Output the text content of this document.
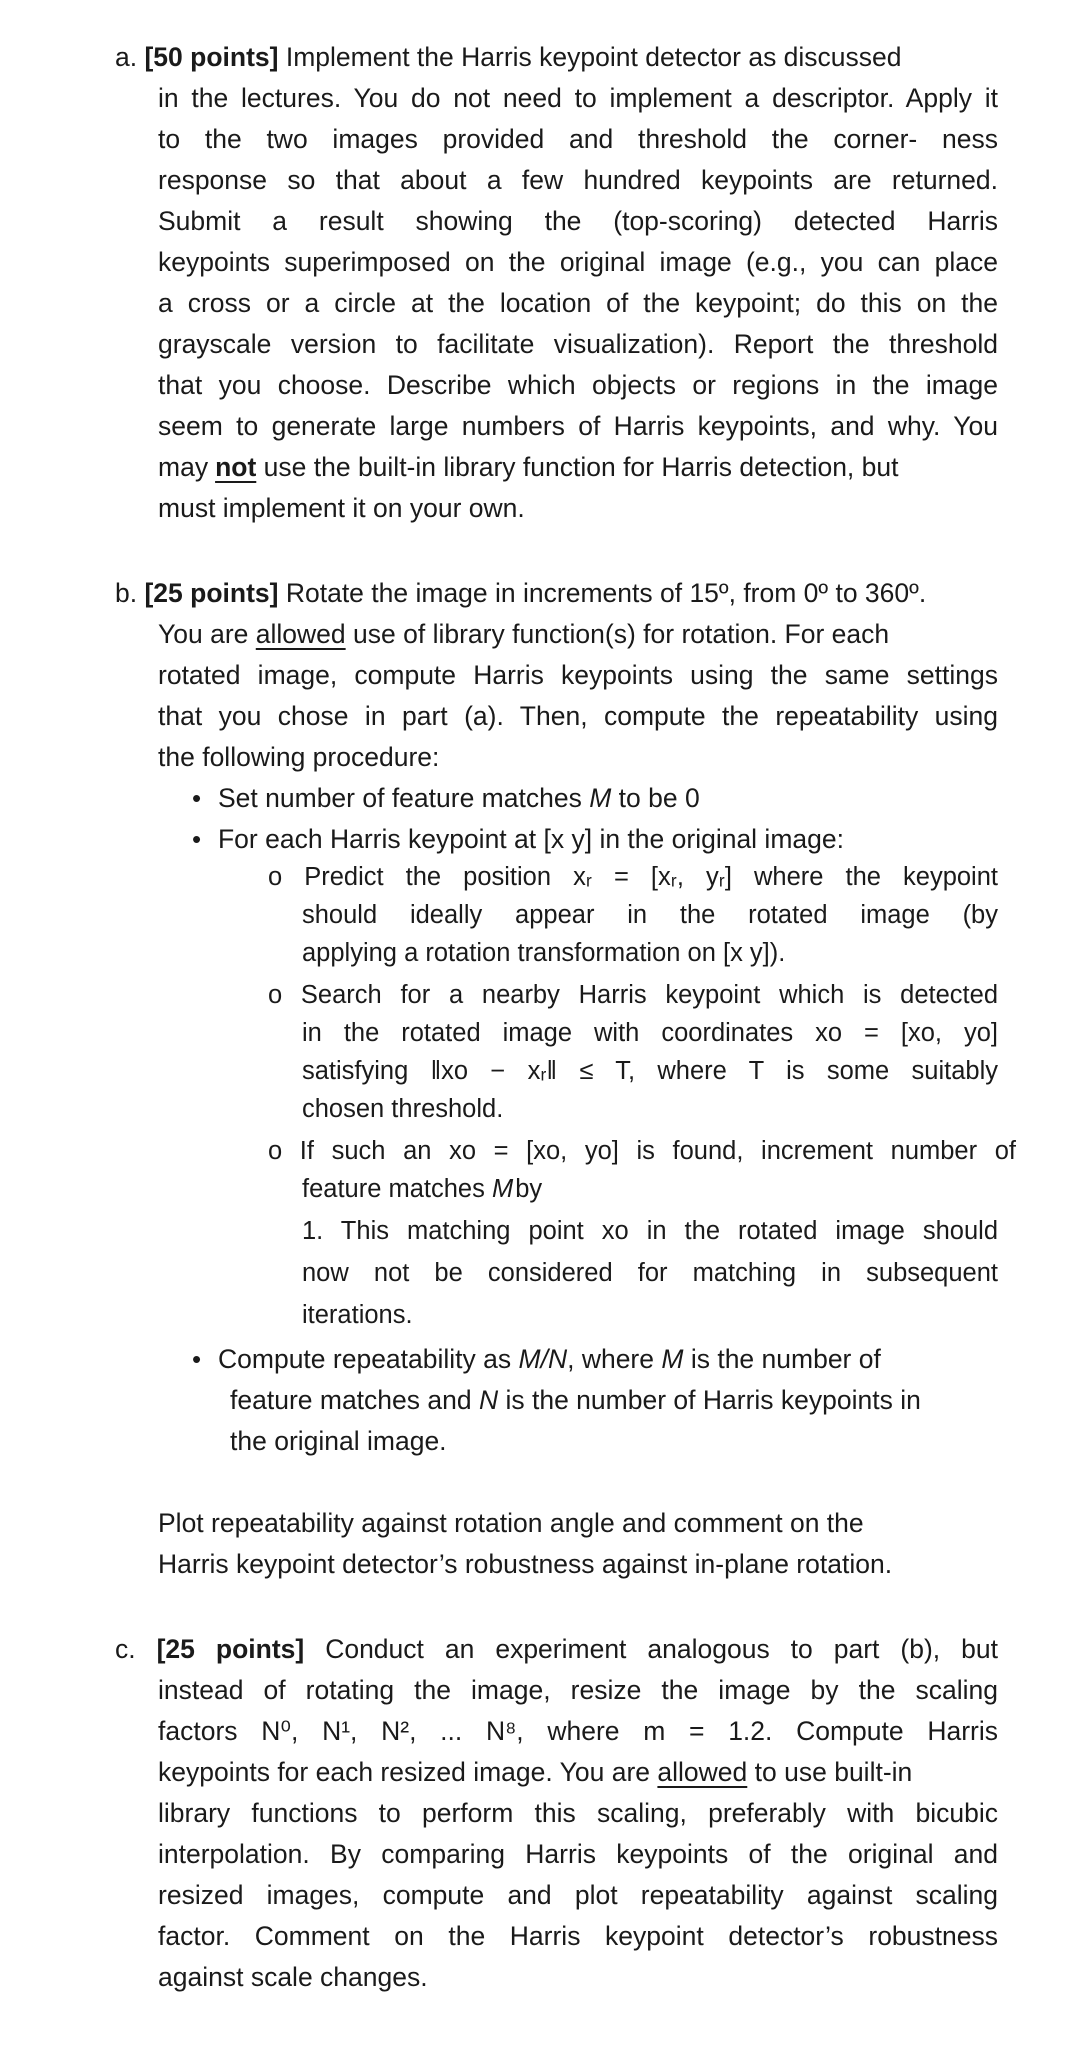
a. [50 points] Implement the Harris keypoint detector as discussed
in the lectures. You do not need to implement a descriptor. Apply it
to the two images provided and threshold the corner- ness
response so that about a few hundred keypoints are returned.
Submit a result showing the (top-scoring) detected Harris
keypoints superimposed on the original image (e.g., you can place
a cross or a circle at the location of the keypoint; do this on the
grayscale version to facilitate visualization). Report the threshold
that you choose. Describe which objects or regions in the image
seem to generate large numbers of Harris keypoints, and why. You
may not use the built-in library function for Harris detection, but
must implement it on your own.
b. [25 points] Rotate the image in increments of 15º, from 0º to 360º.
You are allowed use of library function(s) for rotation. For each
rotated image, compute Harris keypoints using the same settings
that you chose in part (a). Then, compute the repeatability using
the following procedure:
• Set number of feature matches M to be 0
• For each Harris keypoint at [x y] in the original image:
o Predict the position xᵣ = [xᵣ, yᵣ] where the keypoint
should ideally appear in the rotated image (by
applying a rotation transformation on [x y]).
o Search for a nearby Harris keypoint which is detected
in the rotated image with coordinates xo = [xo, yo]
satisfying ‖xo − xᵣ‖ ≤ T, where T is some suitably
chosen threshold.
o If such an xo = [xo, yo] is found, increment number of
feature matches Mby
1. This matching point xo in the rotated image should
now not be considered for matching in subsequent
iterations.
• Compute repeatability as M/N, where M is the number of
feature matches and N is the number of Harris keypoints in
the original image.
Plot repeatability against rotation angle and comment on the
Harris keypoint detector’s robustness against in-plane rotation.
c. [25 points] Conduct an experiment analogous to part (b), but
instead of rotating the image, resize the image by the scaling
factors N⁰, N¹, N², ... N⁸, where m = 1.2. Compute Harris
keypoints for each resized image. You are allowed to use built-in
library functions to perform this scaling, preferably with bicubic
interpolation. By comparing Harris keypoints of the original and
resized images, compute and plot repeatability against scaling
factor. Comment on the Harris keypoint detector’s robustness
against scale changes.
